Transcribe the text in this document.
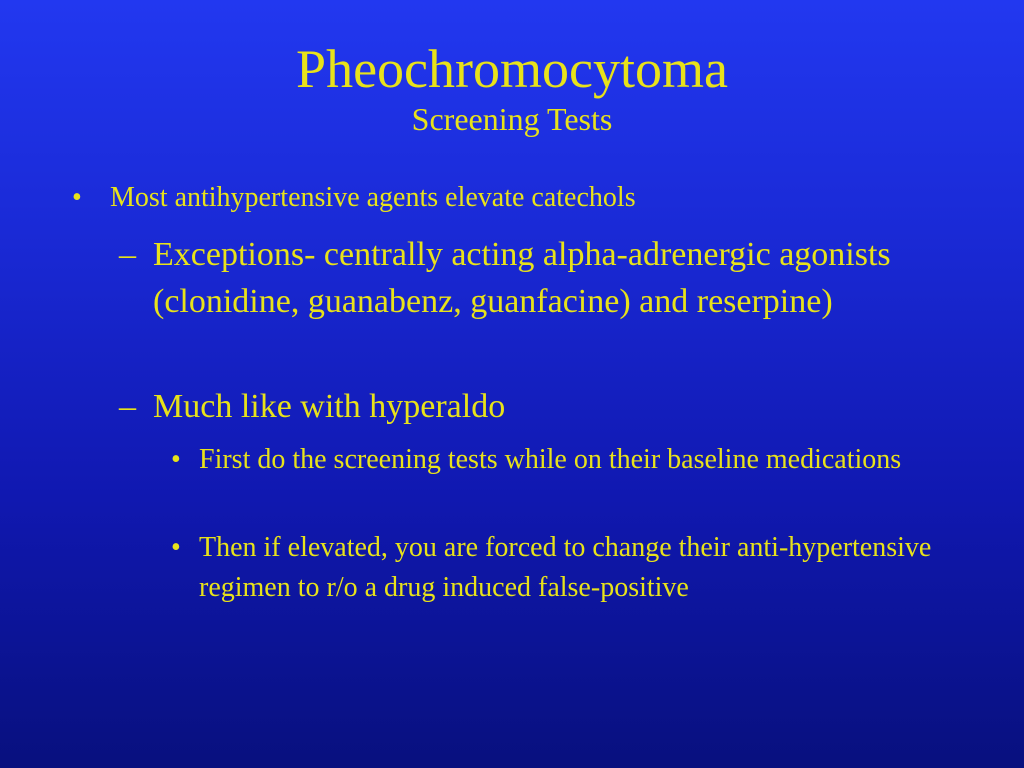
Pheochromocytoma
Screening Tests

• Most antihypertensive agents elevate catechols

– Exceptions- centrally acting alpha-adrenergic agonists (clonidine, guanabenz, guanfacine) and reserpine)

– Much like with hyperaldo

• First do the screening tests while on their baseline medications

• Then if elevated, you are forced to change their anti-hypertensive regimen to r/o a drug induced false-positive
